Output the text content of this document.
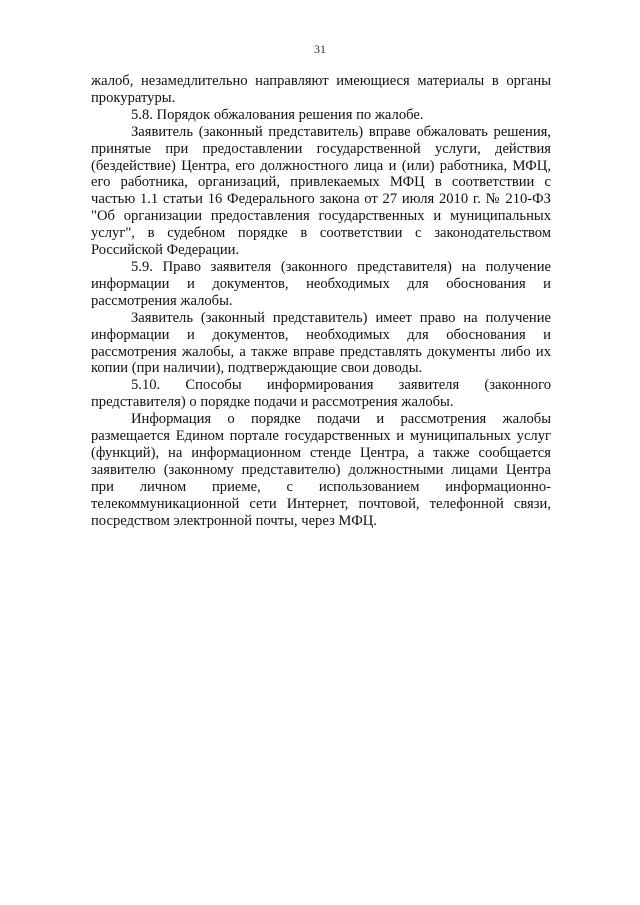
31

жалоб, незамедлительно направляют имеющиеся материалы в органы прокуратуры.

5.8. Порядок обжалования решения по жалобе.

Заявитель (законный представитель) вправе обжаловать решения, принятые при предоставлении государственной услуги, действия (бездействие) Центра, его должностного лица и (или) работника, МФЦ, его работника, организаций, привлекаемых МФЦ в соответствии с частью 1.1 статьи 16 Федерального закона от 27 июля 2010 г. № 210-ФЗ "Об организации предоставления государственных и муниципальных услуг", в судебном порядке в соответствии с законодательством Российской Федерации.

5.9. Право заявителя (законного представителя) на получение информации и документов, необходимых для обоснования и рассмотрения жалобы.

Заявитель (законный представитель) имеет право на получение информации и документов, необходимых для обоснования и рассмотрения жалобы, а также вправе представлять документы либо их копии (при наличии), подтверждающие свои доводы.

5.10. Способы информирования заявителя (законного представителя) о порядке подачи и рассмотрения жалобы.

Информация о порядке подачи и рассмотрения жалобы размещается Едином портале государственных и муниципальных услуг (функций), на информационном стенде Центра, а также сообщается заявителю (законному представителю) должностными лицами Центра при личном приеме, с использованием информационно-телекоммуникационной сети Интернет, почтовой, телефонной связи, посредством электронной почты, через МФЦ.
